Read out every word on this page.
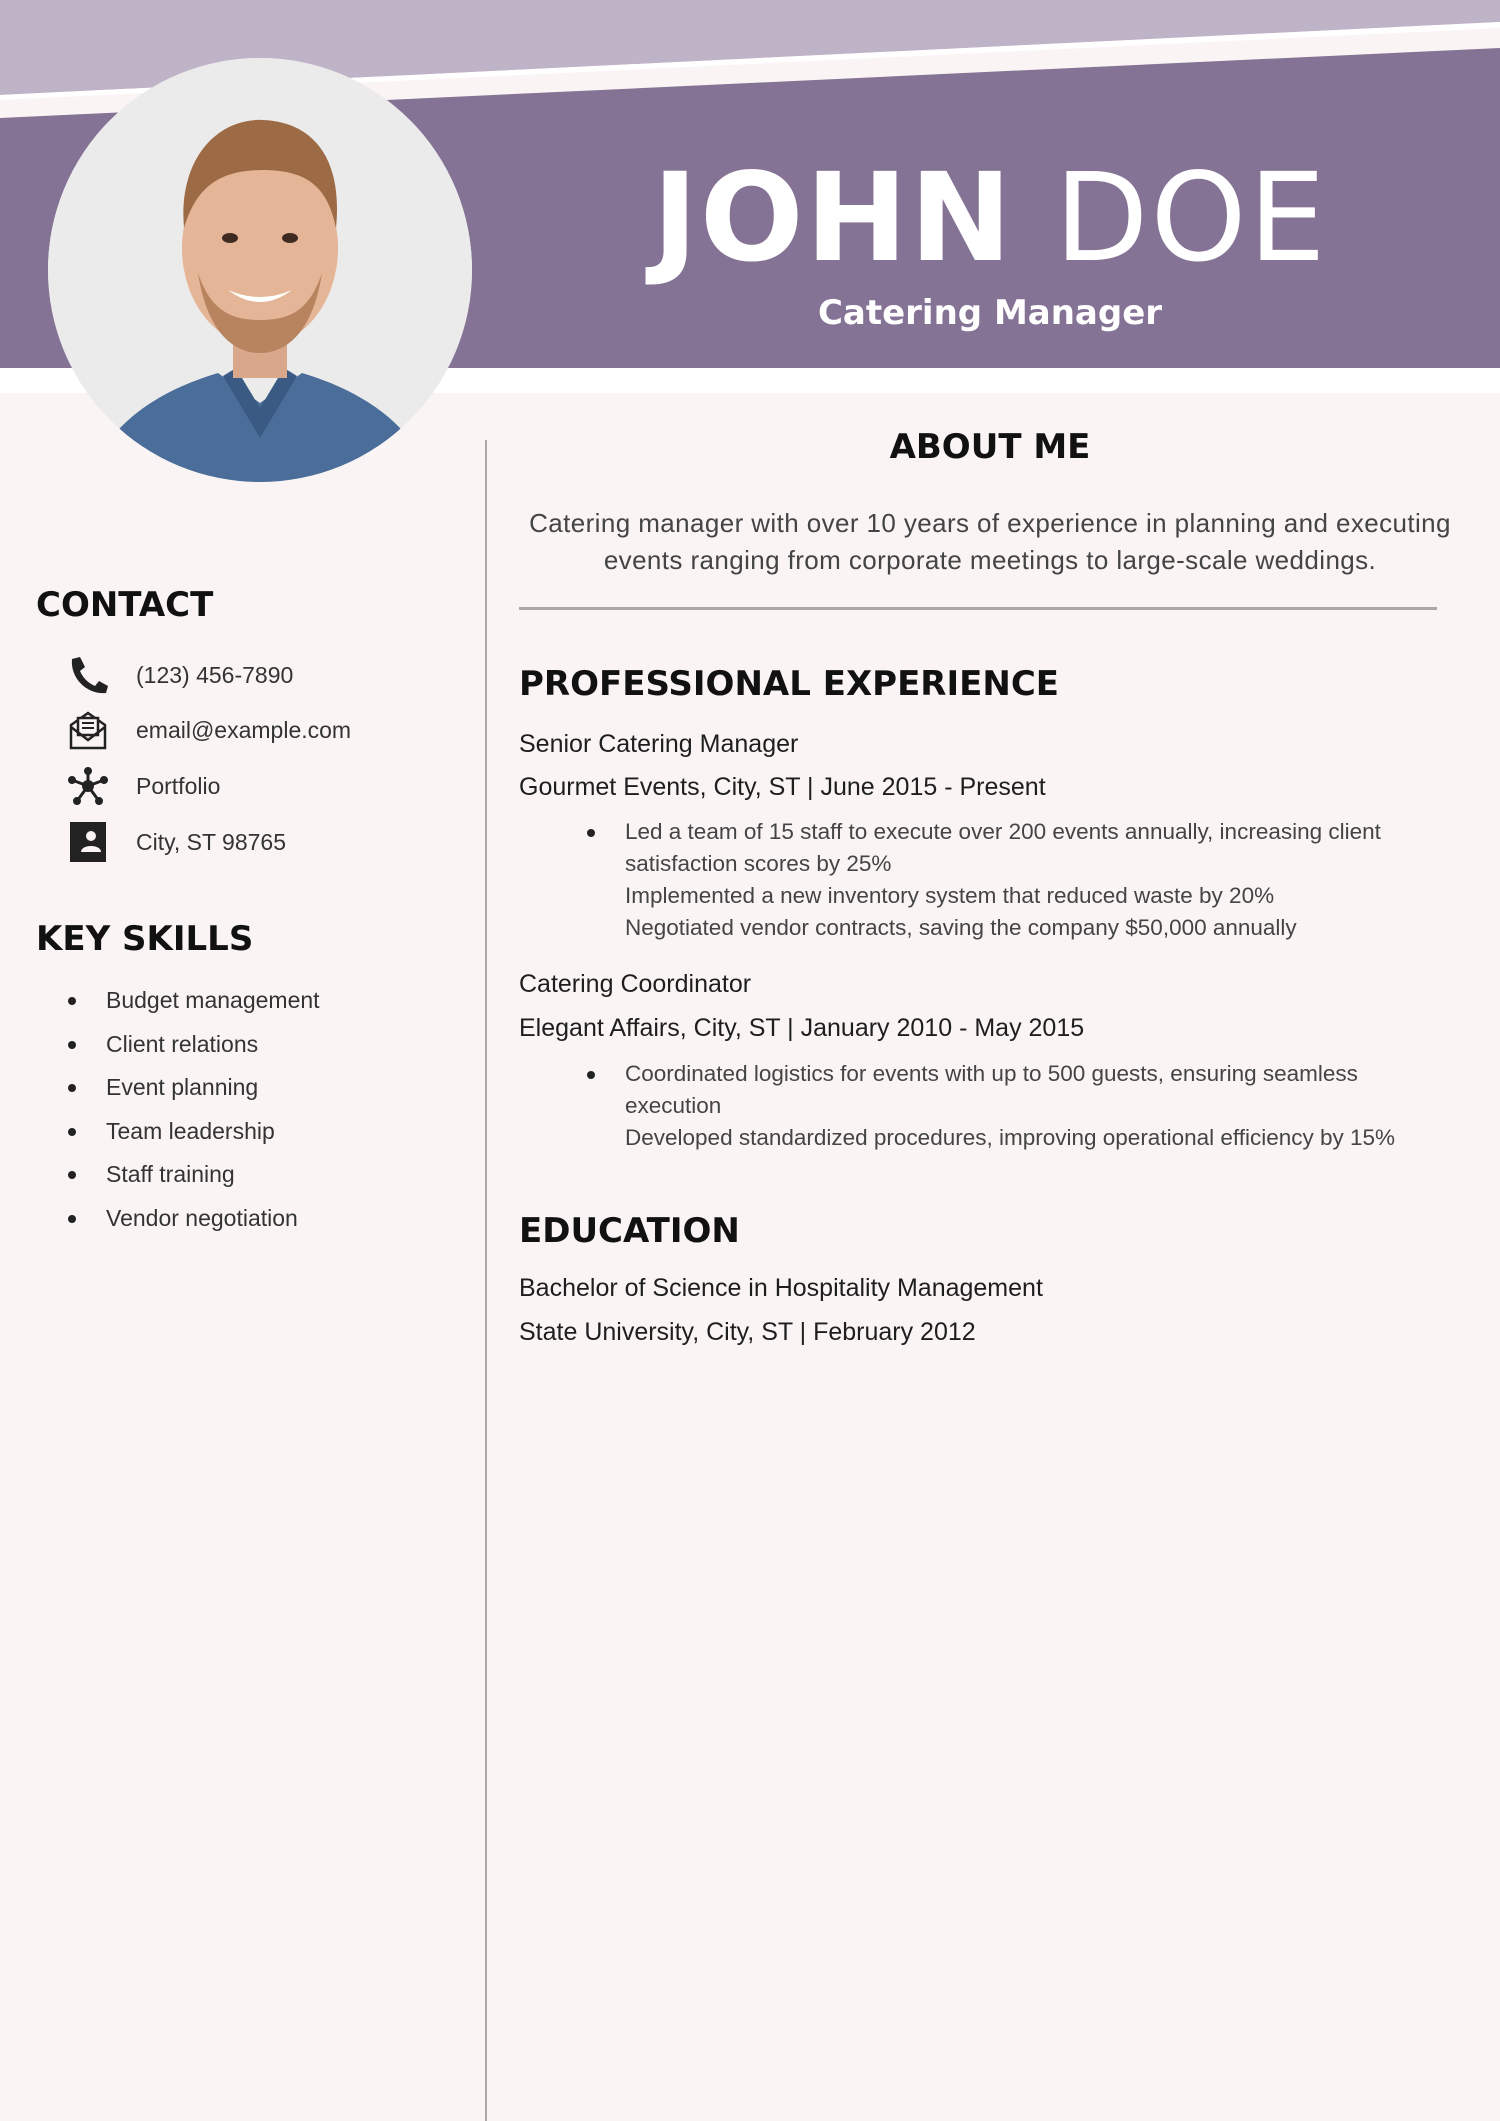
JOHN DOE
Catering Manager
CONTACT
(123) 456-7890
email@example.com
Portfolio
City, ST 98765
KEY SKILLS
Budget management
Client relations
Event planning
Team leadership
Staff training
Vendor negotiation
ABOUT ME
Catering manager with over 10 years of experience in planning and executing events ranging from corporate meetings to large-scale weddings.
PROFESSIONAL EXPERIENCE
Senior Catering Manager
Gourmet Events, City, ST | June 2015 - Present
Led a team of 15 staff to execute over 200 events annually, increasing client satisfaction scores by 25%
Implemented a new inventory system that reduced waste by 20%
Negotiated vendor contracts, saving the company $50,000 annually
Catering Coordinator
Elegant Affairs, City, ST | January 2010 - May 2015
Coordinated logistics for events with up to 500 guests, ensuring seamless execution
Developed standardized procedures, improving operational efficiency by 15%
EDUCATION
Bachelor of Science in Hospitality Management
State University, City, ST | February 2012
